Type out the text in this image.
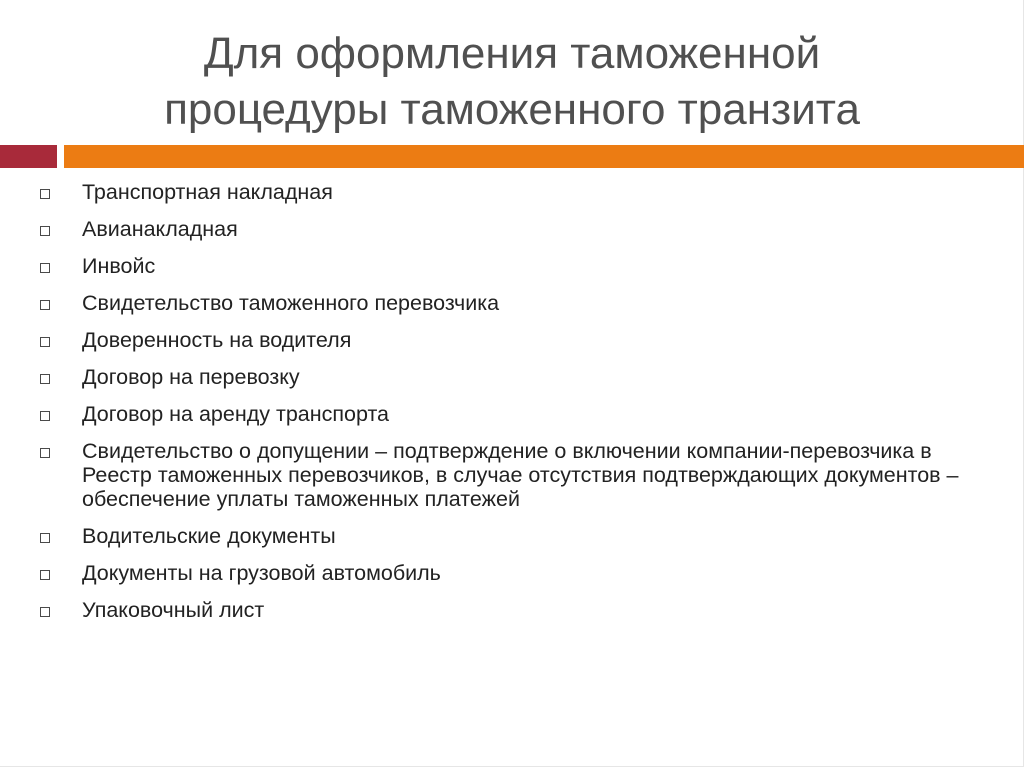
Для оформления таможенной
процедуры таможенного транзита
Транспортная накладная
Авианакладная
Инвойс
Свидетельство таможенного перевозчика
Доверенность на водителя
Договор на перевозку
Договор на аренду транспорта
Свидетельство о допущении – подтверждение о включении компании-перевозчика в Реестр таможенных перевозчиков, в случае отсутствия подтверждающих документов – обеспечение уплаты таможенных платежей
Водительские документы
Документы на грузовой автомобиль
Упаковочный лист
